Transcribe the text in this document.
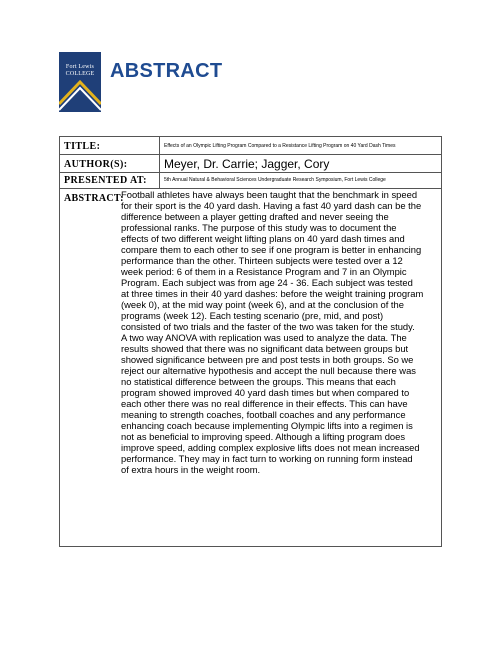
Fort Lewis
COLLEGE ABSTRACT
TITLE:	Effects of an Olympic Lifting Program Compared to a Resistance Lifting Program on 40 Yard Dash Times
AUTHOR(S):	Meyer, Dr. Carrie; Jagger, Cory
PRESENTED AT:	5th Annual Natural & Behavioral Sciences Undergraduate Research Symposium, Fort Lewis College
ABSTRACT:
Football athletes have always been taught that the benchmark in speed
for their sport is the 40 yard dash. Having a fast 40 yard dash can be the
difference between a player getting drafted and never seeing the
professional ranks. The purpose of this study was to document the
effects of two different weight lifting plans on 40 yard dash times and
compare them to each other to see if one program is better in enhancing
performance than the other. Thirteen subjects were tested over a 12
week period: 6 of them in a Resistance Program and 7 in an Olympic
Program. Each subject was from age 24 - 36. Each subject was tested
at three times in their 40 yard dashes: before the weight training program
(week 0), at the mid way point (week 6), and at the conclusion of the
programs (week 12). Each testing scenario (pre, mid, and post)
consisted of two trials and the faster of the two was taken for the study.
A two way ANOVA with replication was used to analyze the data. The
results showed that there was no significant data between groups but
showed significance between pre and post tests in both groups. So we
reject our alternative hypothesis and accept the null because there was
no statistical difference between the groups. This means that each
program showed improved 40 yard dash times but when compared to
each other there was no real difference in their effects. This can have
meaning to strength coaches, football coaches and any performance
enhancing coach because implementing Olympic lifts into a regimen is
not as beneficial to improving speed. Although a lifting program does
improve speed, adding complex explosive lifts does not mean increased
performance. They may in fact turn to working on running form instead
of extra hours in the weight room.
